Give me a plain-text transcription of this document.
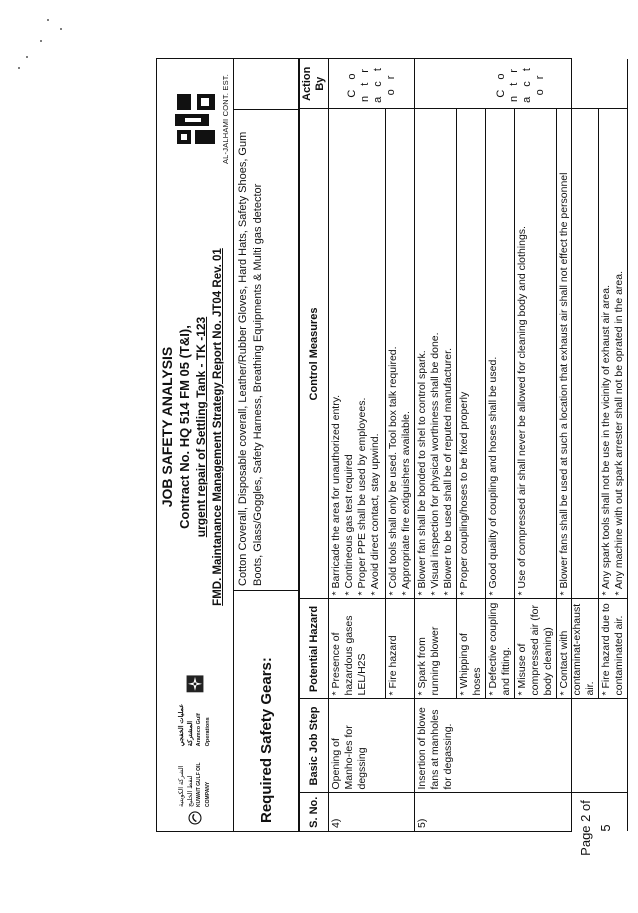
Page 2 of 5
الشركة الكويتية لنفط الخليج KUWAIT GULF OIL COMPANY
عمليات الخفجي المشتركة Aramco Gulf Operations
JOB SAFETY ANALYSIS Contract No. HQ 514 FM 05 (T&I), urgent repair of Settling Tank - TK -123 FMD. Maintanance Management Strategy Report No. JT04 Rev. 01
AL-JALHAMI CONT. EST.
Required Safety Gears:
Cotton Coverall, Disposable coverall, Leather/Rubber Gloves, Hard Hats, Safety Shoes, Gum Boots, Glass/Goggles, Safety Harness, Breathing Equipments & Multi gas detector
S. No.	Basic Job Step	Potential Hazard	Control Measures	Action By
4)	Opening of Manho-les for degssing	* Presence of hazardous gases LEL/H2S	* Barricade the area for unauthorized entry. * Contineous gas test required * Proper PPE shall be used by employees. * Avoid direct contact, stay upwind.	C o n t r a c t o r
		* Fire hazard	* Cold tools shall only be used. Tool box talk required. * Appropriate fire extiguishers available.	

5)	Insertion of blowe fans at manholes for degassing.	* Spark from running blower	* Blower fan shall be bonded to shel to control spark. * Visual inspection for physical worthiness shall be done. * Blower to be used shall be of reputed manufacturer.	C o n t r a c t o r
		* Whipping of hoses	* Proper coupling/hoses to be fixed properly	

		* Defective coupling and fitting.	* Good quality of coupling and hoses shall be used.	

		* Misuse of compressed air (for body cleaning)	* Use of compressed air shall never be allowed for cleaning body and clothings.	

		* Contact with contaminat-exhaust air.	* Blower fans shall be used at such a location that exhaust air shall not effect the personnel	

		* Fire hazard due to contaminated air.	* Any spark tools shall not be use in the vicinity of exhaust air area. * Any machine with out spark arrester shall not be oprated in the area.	
